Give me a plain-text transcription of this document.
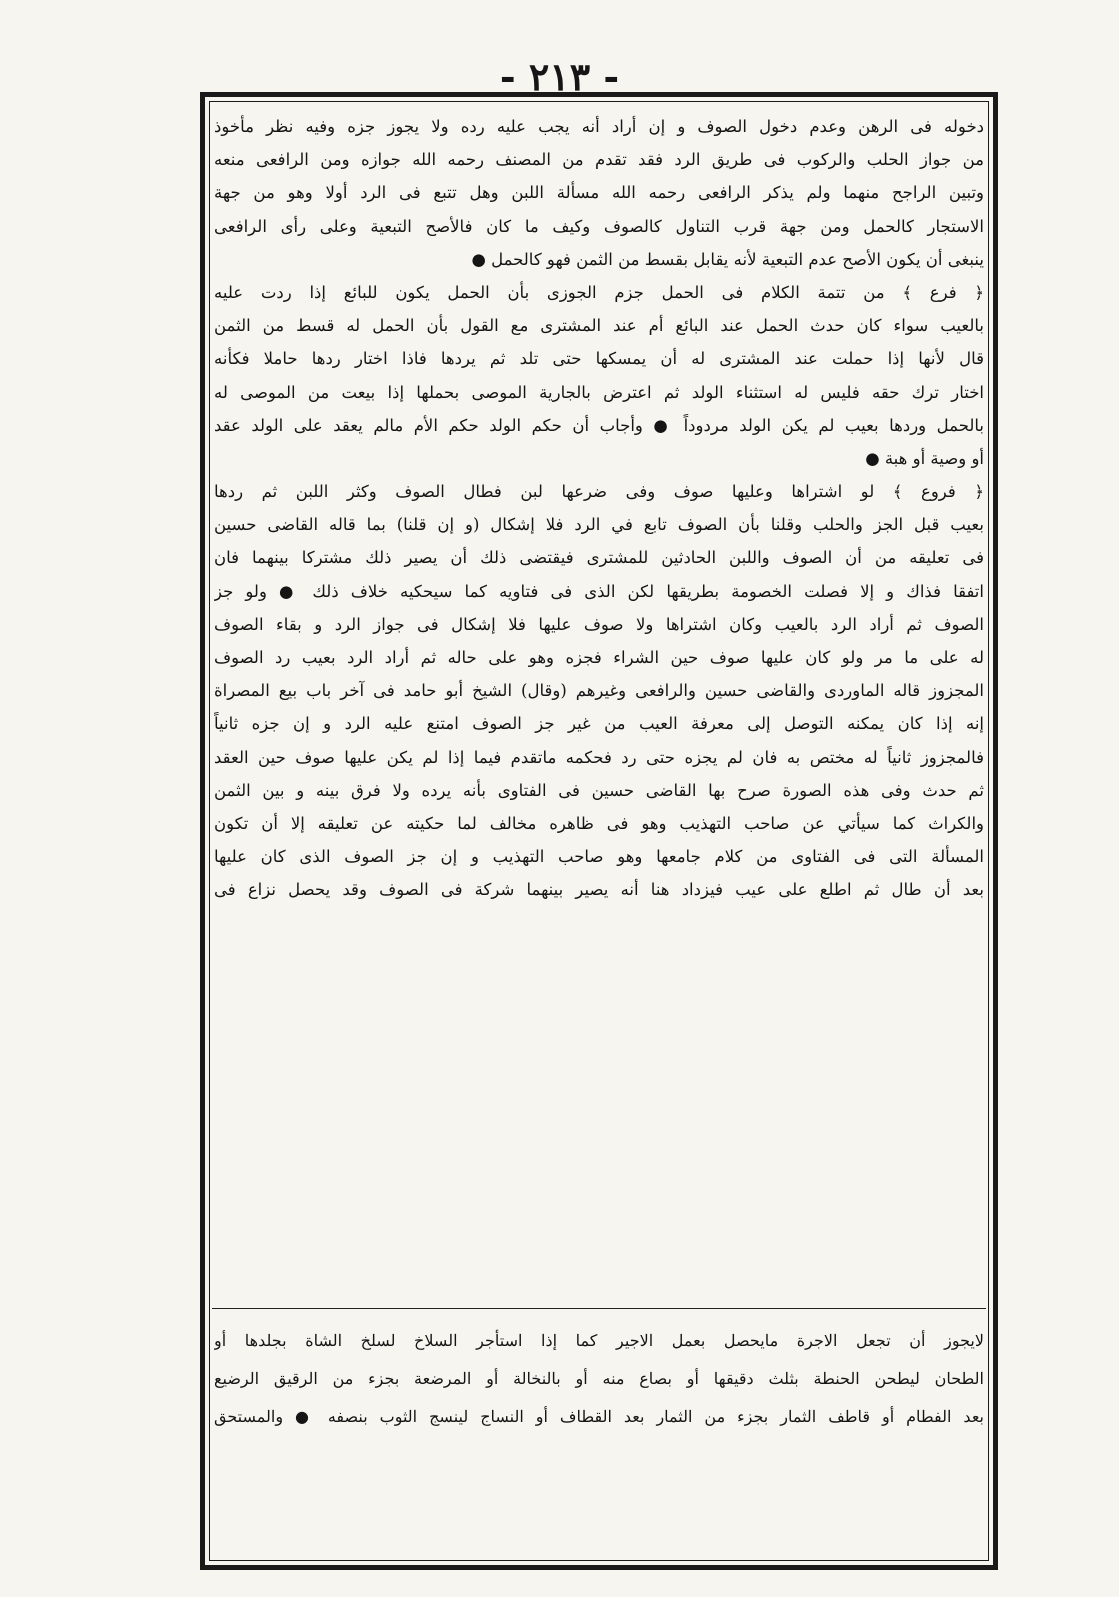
- ٢١٣ -
دخوله فى الرهن وعدم دخول الصوف و إن أراد أنه يجب عليه رده ولا يجوز جزه وفيه نظر مأخوذ
من جواز الحلب والركوب فى طريق الرد فقد تقدم من المصنف رحمه الله جوازه ومن الرافعى منعه
وتبين الراجح منهما ولم يذكر الرافعى رحمه الله مسألة اللبن وهل تتبع فى الرد أولا وهو من جهة
الاستجار كالحمل ومن جهة قرب التناول كالصوف وكيف ما كان فالأصح التبعية وعلى رأى الرافعى
ينبغى أن يكون الأصح عدم التبعية لأنه يقابل بقسط من الثمن فهو كالحمل ●
﴿ فرع ﴾ من تتمة الكلام فى الحمل جزم الجوزى بأن الحمل يكون للبائع إذا ردت عليه
بالعيب سواء كان حدث الحمل عند البائع أم عند المشترى مع القول بأن الحمل له قسط من الثمن
قال لأنها إذا حملت عند المشترى له أن يمسكها حتى تلد ثم يردها فاذا اختار ردها حاملا فكأنه
اختار ترك حقه فليس له استثناء الولد ثم اعترض بالجارية الموصى بحملها إذا بيعت من الموصى له
بالحمل وردها بعيب لم يكن الولد مردوداً ● وأجاب أن حكم الولد حكم الأم مالم يعقد على الولد عقد
أو وصية أو هبة ●
﴿ فروع ﴾ لو اشتراها وعليها صوف وفى ضرعها لبن فطال الصوف وكثر اللبن ثم ردها
بعيب قبل الجز والحلب وقلنا بأن الصوف تابع في الرد فلا إشكال (و إن قلنا) بما قاله القاضى حسين
فى تعليقه من أن الصوف واللبن الحادثين للمشترى فيقتضى ذلك أن يصير ذلك مشتركا بينهما فان
اتفقا فذاك و إلا فصلت الخصومة بطريقها لكن الذى فى فتاويه كما سيحكيه خلاف ذلك ● ولو جز
الصوف ثم أراد الرد بالعيب وكان اشتراها ولا صوف عليها فلا إشكال فى جواز الرد و بقاء الصوف
له على ما مر ولو كان عليها صوف حين الشراء فجزه وهو على حاله ثم أراد الرد بعيب رد الصوف
المجزوز قاله الماوردى والقاضى حسين والرافعى وغيرهم (وقال) الشيخ أبو حامد فى آخر باب بيع المصراة
إنه إذا كان يمكنه التوصل إلى معرفة العيب من غير جز الصوف امتنع عليه الرد و إن جزه ثانياً
فالمجزوز ثانياً له مختص به فان لم يجزه حتى رد فحكمه ماتقدم فيما إذا لم يكن عليها صوف حين العقد
ثم حدث وفى هذه الصورة صرح بها القاضى حسين فى الفتاوى بأنه يرده ولا فرق بينه و بين الثمن
والكراث كما سيأتي عن صاحب التهذيب وهو فى ظاهره مخالف لما حكيته عن تعليقه إلا أن تكون
المسألة التى فى الفتاوى من كلام جامعها وهو صاحب التهذيب و إن جز الصوف الذى كان عليها
بعد أن طال ثم اطلع على عيب فيزداد هنا أنه يصير بينهما شركة فى الصوف وقد يحصل نزاع فى
لايجوز أن تجعل الاجرة مايحصل بعمل الاجير كما إذا استأجر السلاخ لسلخ الشاة بجلدها أو
الطحان ليطحن الحنطة بثلث دقيقها أو بصاع منه أو بالنخالة أو المرضعة بجزء من الرقيق الرضيع
بعد الفطام أو قاطف الثمار بجزء من الثمار بعد القطاف أو النساج لينسج الثوب بنصفه ● والمستحق
